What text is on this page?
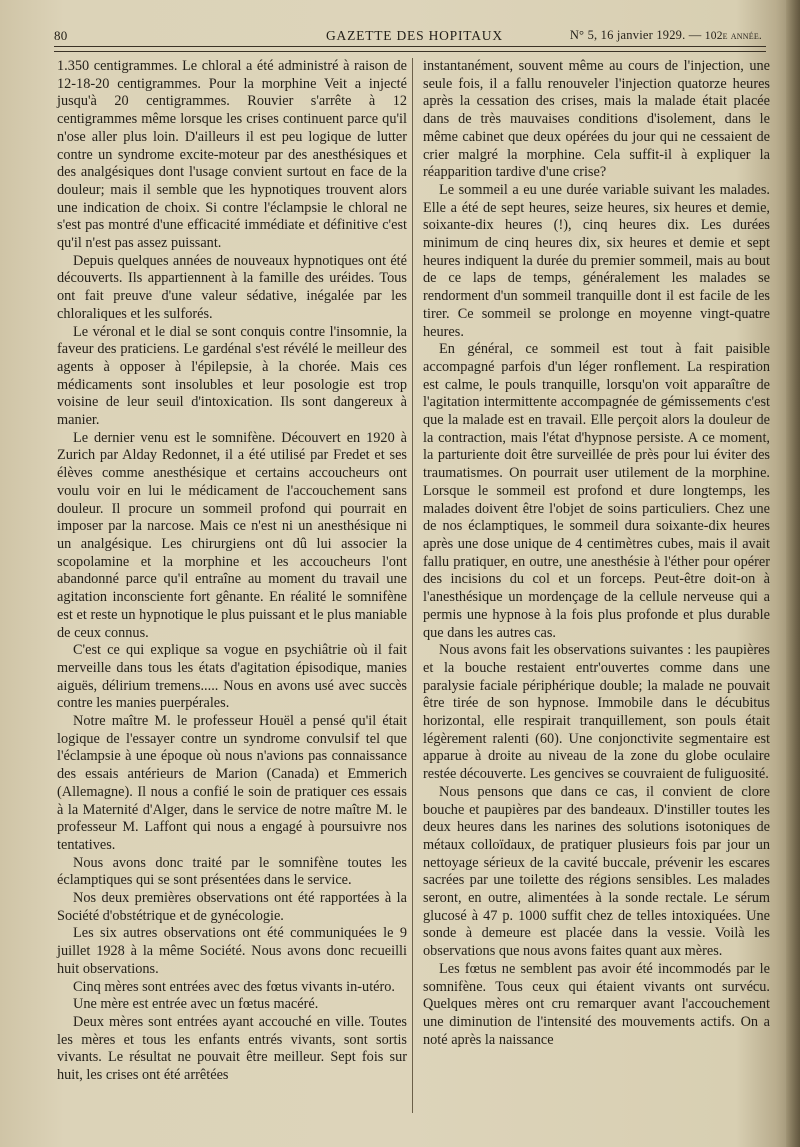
80	GAZETTE DES HOPITAUX	N° 5, 16 janvier 1929. — 102e année.

1.350 centigrammes. Le chloral a été administré à raison de 12-18-20 centigrammes. Pour la morphine Veit a injecté jusqu'à 20 centigrammes. Rouvier s'arrête à 12 centigrammes même lorsque les crises continuent parce qu'il n'ose aller plus loin. D'ailleurs il est peu logique de lutter contre un syndrome excite-moteur par des anesthésiques et des analgésiques dont l'usage convient surtout en face de la douleur; mais il semble que les hypnotiques trouvent alors une indication de choix. Si contre l'éclampsie le chloral ne s'est pas montré d'une efficacité immédiate et définitive c'est qu'il n'est pas assez puissant.

Depuis quelques années de nouveaux hypnotiques ont été découverts. Ils appartiennent à la famille des uréides. Tous ont fait preuve d'une valeur sédative, inégalée par les chloraliques et les sulforés.

Le véronal et le dial se sont conquis contre l'insomnie, la faveur des praticiens. Le gardénal s'est révélé le meilleur des agents à opposer à l'épilepsie, à la chorée. Mais ces médicaments sont insolubles et leur posologie est trop voisine de leur seuil d'intoxication. Ils sont dangereux à manier.

Le dernier venu est le somnifène. Découvert en 1920 à Zurich par Alday Redonnet, il a été utilisé par Fredet et ses élèves comme anesthésique et certains accoucheurs ont voulu voir en lui le médicament de l'accouchement sans douleur. Il procure un sommeil profond qui pourrait en imposer par la narcose. Mais ce n'est ni un anesthésique ni un analgésique. Les chirurgiens ont dû lui associer la scopolamine et la morphine et les accoucheurs l'ont abandonné parce qu'il entraîne au moment du travail une agitation inconsciente fort gênante. En réalité le somnifène est et reste un hypnotique le plus puissant et le plus maniable de ceux connus.

C'est ce qui explique sa vogue en psychiâtrie où il fait merveille dans tous les états d'agitation épisodique, manies aiguës, délirium tremens..... Nous en avons usé avec succès contre les manies puerpérales.

Notre maître M. le professeur Houël a pensé qu'il était logique de l'essayer contre un syndrome convulsif tel que l'éclampsie à une époque où nous n'avions pas connaissance des essais antérieurs de Marion (Canada) et Emmerich (Allemagne). Il nous a confié le soin de pratiquer ces essais à la Maternité d'Alger, dans le service de notre maître M. le professeur M. Laffont qui nous a engagé à poursuivre nos tentatives.

Nous avons donc traité par le somnifène toutes les éclamptiques qui se sont présentées dans le service.

Nos deux premières observations ont été rapportées à la Société d'obstétrique et de gynécologie.

Les six autres observations ont été communiquées le 9 juillet 1928 à la même Société. Nous avons donc recueilli huit observations.

Cinq mères sont entrées avec des fœtus vivants in-utéro.

Une mère est entrée avec un fœtus macéré.

Deux mères sont entrées ayant accouché en ville. Toutes les mères et tous les enfants entrés vivants, sont sortis vivants. Le résultat ne pouvait être meilleur. Sept fois sur huit, les crises ont été arrêtées

instantanément, souvent même au cours de l'injection, une seule fois, il a fallu renouveler l'injection quatorze heures après la cessation des crises, mais la malade était placée dans de très mauvaises conditions d'isolement, dans le même cabinet que deux opérées du jour qui ne cessaient de crier malgré la morphine. Cela suffit-il à expliquer la réapparition tardive d'une crise?

Le sommeil a eu une durée variable suivant les malades. Elle a été de sept heures, seize heures, six heures et demie, soixante-dix heures (!), cinq heures dix. Les durées minimum de cinq heures dix, six heures et demie et sept heures indiquent la durée du premier sommeil, mais au bout de ce laps de temps, généralement les malades se rendorment d'un sommeil tranquille dont il est facile de les tirer. Ce sommeil se prolonge en moyenne vingt-quatre heures.

En général, ce sommeil est tout à fait paisible accompagné parfois d'un léger ronflement. La respiration est calme, le pouls tranquille, lorsqu'on voit apparaître de l'agitation intermittente accompagnée de gémissements c'est que la malade est en travail. Elle perçoit alors la douleur de la contraction, mais l'état d'hypnose persiste. A ce moment, la parturiente doit être surveillée de près pour lui éviter des traumatismes. On pourrait user utilement de la morphine. Lorsque le sommeil est profond et dure longtemps, les malades doivent être l'objet de soins particuliers. Chez une de nos éclamptiques, le sommeil dura soixante-dix heures après une dose unique de 4 centimètres cubes, mais il avait fallu pratiquer, en outre, une anesthésie à l'éther pour opérer des incisions du col et un forceps. Peut-être doit-on à l'anesthésique un mordençage de la cellule nerveuse qui a permis une hypnose à la fois plus profonde et plus durable que dans les autres cas.

Nous avons fait les observations suivantes : les paupières et la bouche restaient entr'ouvertes comme dans une paralysie faciale périphérique double; la malade ne pouvait être tirée de son hypnose. Immobile dans le décubitus horizontal, elle respirait tranquillement, son pouls était légèrement ralenti (60). Une conjonctivite segmentaire est apparue à droite au niveau de la zone du globe oculaire restée découverte. Les gencives se couvraient de fuliguosité.

Nous pensons que dans ce cas, il convient de clore bouche et paupières par des bandeaux. D'instiller toutes les deux heures dans les narines des solutions isotoniques de métaux colloïdaux, de pratiquer plusieurs fois par jour un nettoyage sérieux de la cavité buccale, prévenir les escares sacrées par une toilette des régions sensibles. Les malades seront, en outre, alimentées à la sonde rectale. Le sérum glucosé à 47 p. 1000 suffit chez de telles intoxiquées. Une sonde à demeure est placée dans la vessie. Voilà les observations que nous avons faites quant aux mères.

Les fœtus ne semblent pas avoir été incommodés par le somnifène. Tous ceux qui étaient vivants ont survécu. Quelques mères ont cru remarquer avant l'accouchement une diminution de l'intensité des mouvements actifs. On a noté après la naissance
